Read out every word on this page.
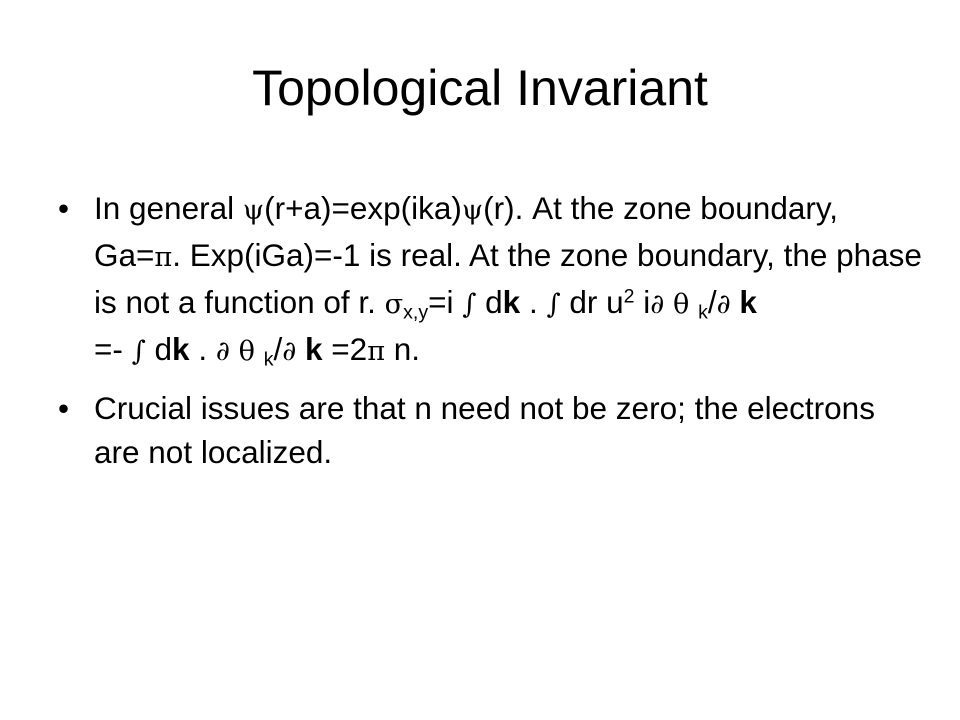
Topological Invariant
• In general ψ(r+a)=exp(ika)ψ(r). At the zone boundary, Ga=π. Exp(iGa)=-1 is real. At the zone boundary, the phase is not a function of r. $\sigma_{x,y}=i$ ∫ dk . ∫ dr $u^2$ i∂ θ $_k$/∂ k
=- ∫ dk . ∂ θ $_k$/∂ k =2π n.
• Crucial issues are that n need not be zero; the electrons are not localized.
